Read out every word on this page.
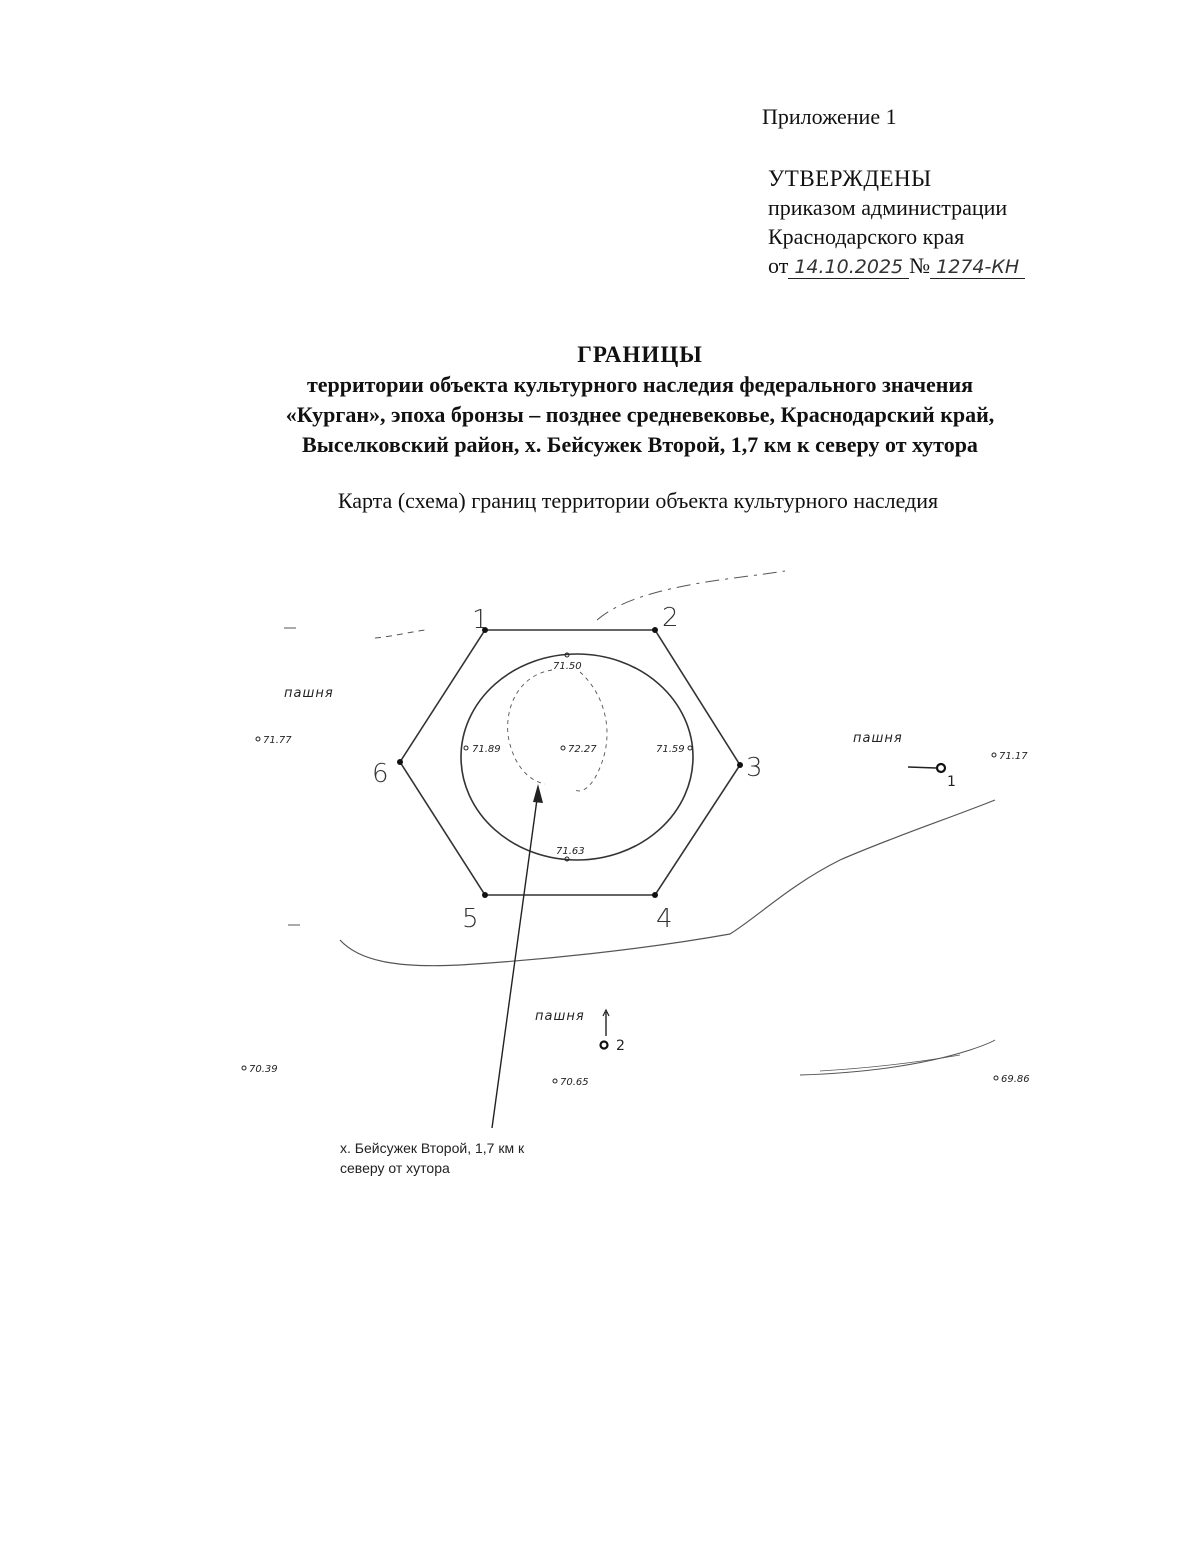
Приложение 1
УТВЕРЖДЕНЫ
приказом администрации
Краснодарского края
от 14.10.2025 № 1274-КН
ГРАНИЦЫ
территории объекта культурного наследия федерального значения
«Курган», эпоха бронзы – позднее средневековье, Краснодарский край,
Выселковский район, х. Бейсужек Второй, 1,7 км к северу от хутора
Карта (схема) границ территории объекта культурного наследия
1	2
3
4
5
6
71.50
71.89	72.27	71.59
71.63
71.77
71.17
70.39
70.65	69.86
пашня
пашня
пашня
1
2
х. Бейсужек Второй, 1,7 км к
северу от хутора
